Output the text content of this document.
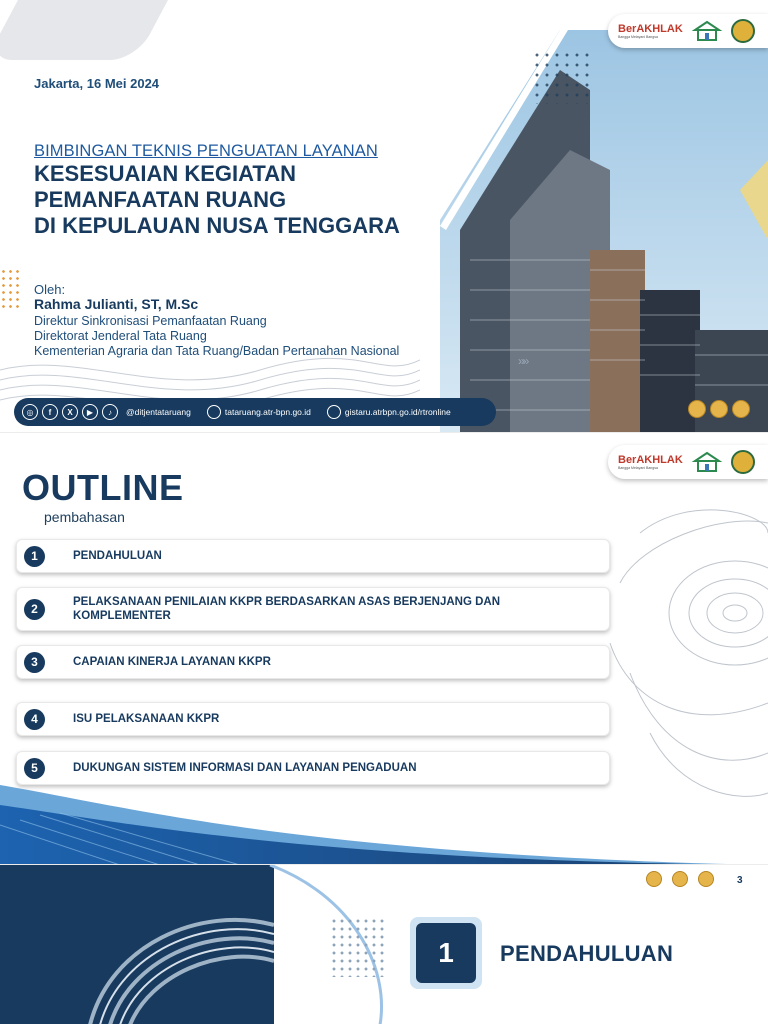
BerAKHLAK
Bangga Melayani Bangsa
Jakarta, 16 Mei 2024
BIMBINGAN TEKNIS PENGUATAN LAYANAN
KESESUAIAN KEGIATAN
PEMANFAATAN RUANG
DI KEPULAUAN NUSA TENGGARA
Oleh:
Rahma Julianti, ST, M.Sc
Direktur Sinkronisasi Pemanfaatan Ruang
Direktorat Jenderal Tata Ruang
Kementerian Agraria dan Tata Ruang/Badan Pertanahan Nasional
»»
◎	f	X	▶	♪	@ditjentataruang	tataruang.atr-bpn.go.id	gistaru.atrbpn.go.id/rtronline
BerAKHLAK
Bangga Melayani Bangsa
OUTLINE
pembahasan
1	PENDAHULUAN
2	PELAKSANAAN PENILAIAN KKPR BERDASARKAN ASAS BERJENJANG DAN KOMPLEMENTER
3	CAPAIAN KINERJA LAYANAN KKPR
4	ISU PELAKSANAAN KKPR
5	DUKUNGAN SISTEM INFORMASI DAN LAYANAN PENGADUAN
3
1	PENDAHULUAN
